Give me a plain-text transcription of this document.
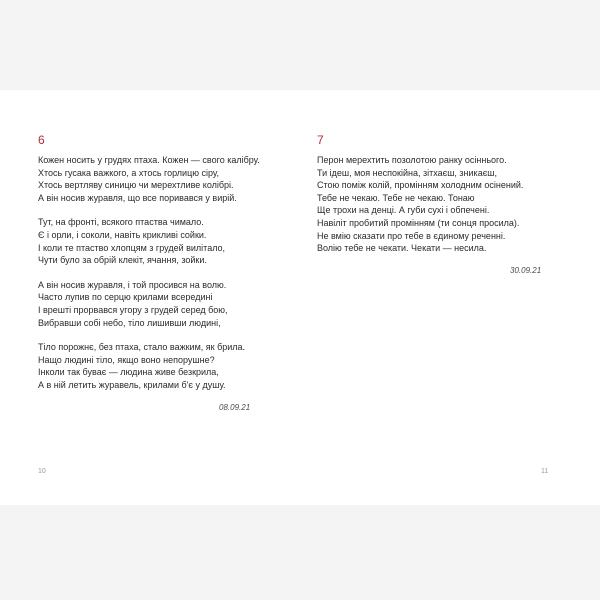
6
Кожен носить у грудях птаха. Кожен — свого калібру.
Хтось гусака важкого, а хтось горлицю сіру,
Хтось вертляву синицю чи мерехтливе колібрі.
А він носив журавля, що все поривався у вирій.
Тут, на фронті, всякого птаства чимало.
Є і орли, і соколи, навіть крикливі сойки.
І коли те птаство хлопцям з грудей вилітало,
Чути було за обрій клекіт, ячання, зойки.
А він носив журавля, і той просився на волю.
Часто лупив по серцю крилами всередині
І врешті прорвався угору з грудей серед бою,
Вибравши собі небо, тіло лишивши людині,
Тіло порожнє, без птаха, стало важким, як брила.
Нащо людині тіло, якщо воно непорушне?
Інколи так буває — людина живе безкрила,
А в ній летить журавель, крилами б'є у душу.
08.09.21
10
7
Перон мерехтить позолотою ранку осіннього.
Ти ідеш, моя неспокійна, зітхаєш, зникаєш,
Стою поміж колій, промінням холодним осінений.
Тебе не чекаю. Тебе не чекаю. Тонаю
Ще трохи на денці. А губи сухі і обпечені.
Навіліт пробитий промінням (ти сонця просила).
Не вмію сказати про тебе в єдиному реченні.
Волію тебе не чекати. Чекати — несила.
30.09.21
11
